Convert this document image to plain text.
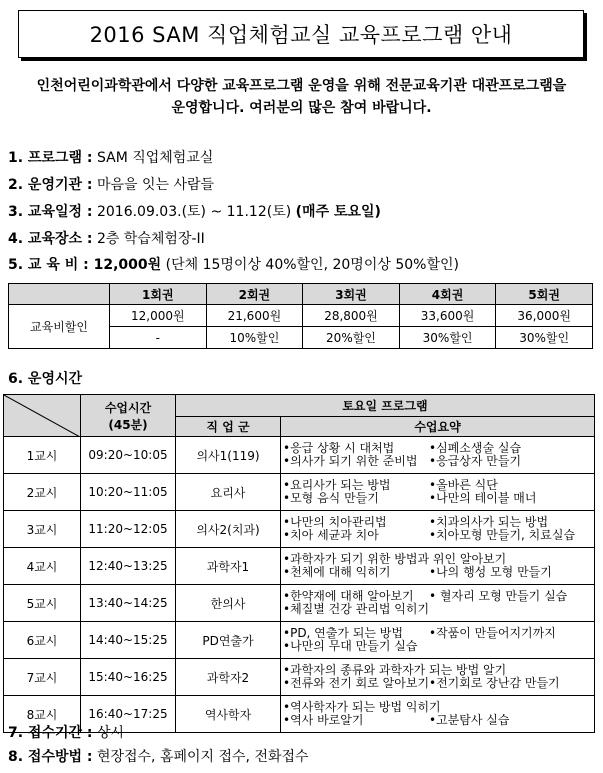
2016 SAM 직업체험교실 교육프로그램 안내
인천어린이과학관에서 다양한 교육프로그램 운영을 위해 전문교육기관 대관프로그램을
운영합니다. 여러분의 많은 참여 바랍니다.
1. 프로그램 : SAM 직업체험교실
2. 운영기관 : 마음을 잇는 사람들
3. 교육일정 : 2016.09.03.(토) ~ 11.12(토) (매주 토요일)
4. 교육장소 : 2층 학습체험장-II
5. 교 육 비 : 12,000원 (단체 15명이상 40%할인, 20명이상 50%할인)
	1회권	2회권	3회권	4회권	5회권
교육비할인	12,000원	21,600원	28,800원	33,600원	36,000원
	-	10%할인	20%할인	30%할인	30%할인
6. 운영시간

수업시간
(45분)	토요일 프로그램	
		직 업 군	수업요약
1교시	09:20~10:05	의사1(119)	•응급 상황 시 대처법 •심폐소생술 실습
•의사가 되기 위한 준비법 •응급상자 만들기

2교시	10:20~11:05	요리사	•요리사가 되는 방법 •올바른 식단
•모형 음식 만들기 •나만의 테이블 매너

3교시	11:20~12:05	의사2(치과)	•나만의 치아관리법 •치과의사가 되는 방법
•치아 세균과 치아 •치아모형 만들기, 치료실습

4교시	12:40~13:25	과학자1	•과학자가 되기 위한 방법과 위인 알아보기
•천체에 대해 익히기 •나의 행성 모형 만들기

5교시	13:40~14:25	한의사	•한약재에 대해 알아보기 • 혈자리 모형 만들기 실습
•체질별 건강 관리법 익히기

6교시	14:40~15:25	PD연출가	•PD, 연출가 되는 방법 •작품이 만들어지기까지
•나만의 무대 만들기 실습

7교시	15:40~16:25	과학자2	•과학자의 종류와 과학자가 되는 방법 알기
•전류와 전기 회로 알아보기 •전기회로 장난감 만들기

8교시	16:40~17:25	역사학자	•역사학자가 되는 방법 익히기
•역사 바로알기 •고분탐사 실습
7. 접수기간 : 상시
8. 접수방법 : 현장접수, 홈페이지 접수, 전화접수
